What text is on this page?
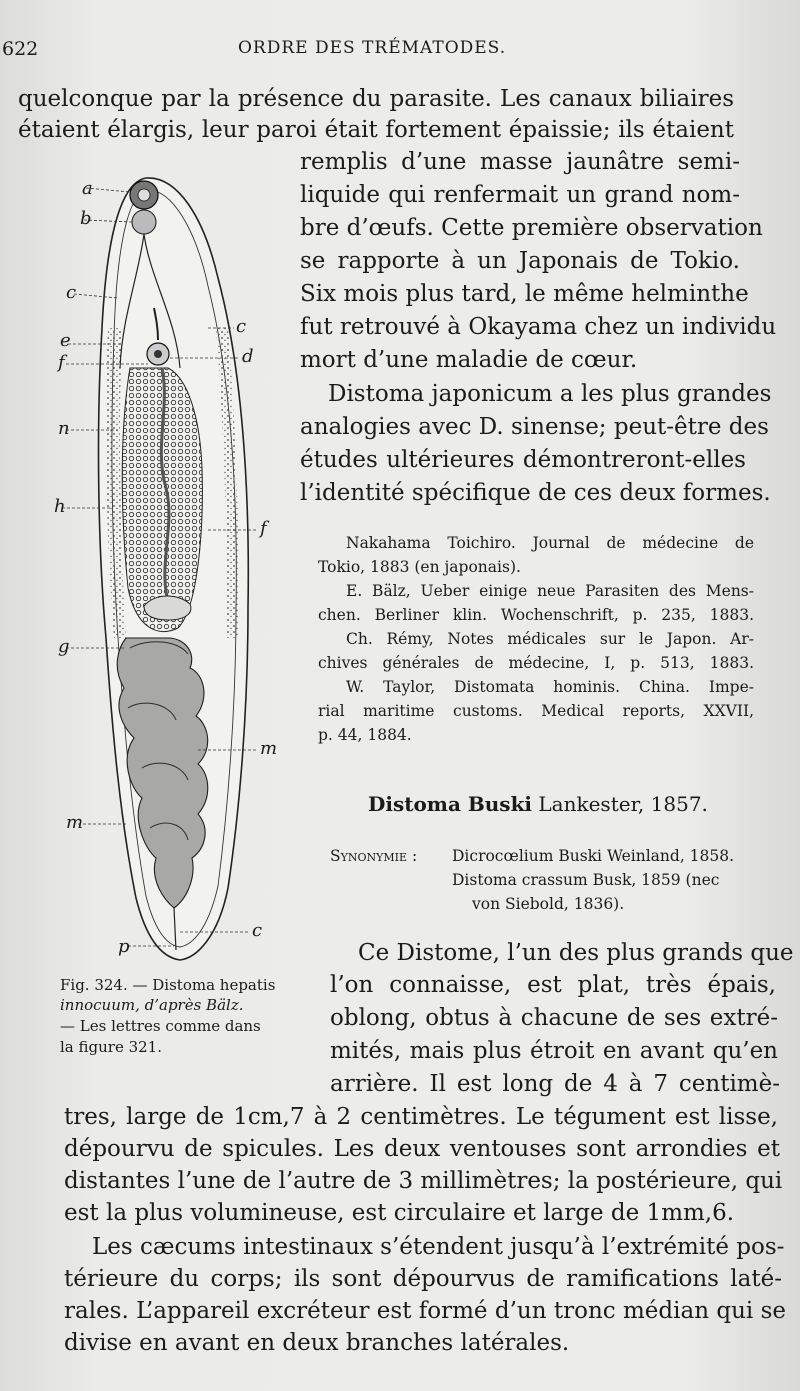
622	ORDRE DES TRÉMATODES.
quelconque par la présence du parasite. Les canaux biliaires
étaient élargis, leur paroi était fortement épaissie; ils étaient
remplis d’une masse jaunâtre semi-
liquide qui renfermait un grand nom-
bre d’œufs. Cette première observation
se rapporte à un Japonais de Tokio.
Six mois plus tard, le même helminthe
fut retrouvé à Okayama chez un individu
mort d’une maladie de cœur.
Distoma japonicum a les plus grandes
analogies avec D. sinense; peut-être des
études ultérieures démontreront-elles
l’identité spécifique de ces deux formes.
Nakahama Toichiro. Journal de médecine de
Tokio, 1883 (en japonais).
E. Bälz, Ueber einige neue Parasiten des Mens-
chen. Berliner klin. Wochenschrift, p. 235, 1883.
Ch. Rémy, Notes médicales sur le Japon. Ar-
chives générales de médecine, I, p. 513, 1883.
W. Taylor, Distomata hominis. China. Impe-
rial maritime customs. Medical reports, XXVII,
p. 44, 1884.
Distoma Buski Lankester, 1857.
Synonymie : Dicrocœlium Buski Weinland, 1858.
Distoma crassum Busk, 1859 (nec
von Siebold, 1836).
Ce Distome, l’un des plus grands que
l’on connaisse, est plat, très épais,
oblong, obtus à chacune de ses extré-
mités, mais plus étroit en avant qu’en
arrière. Il est long de 4 à 7 centimè-
tres, large de 1cm,7 à 2 centimètres. Le tégument est lisse,
dépourvu de spicules. Les deux ventouses sont arrondies et
distantes l’une de l’autre de 3 millimètres; la postérieure, qui
est la plus volumineuse, est circulaire et large de 1mm,6.
Les cæcums intestinaux s’étendent jusqu’à l’extrémité pos-
térieure du corps; ils sont dépourvus de ramifications laté-
rales. L’appareil excréteur est formé d’un tronc médian qui se
divise en avant en deux branches latérales.
Fig. 324. — Distoma hepatis
innocuum, d’après Bälz.
— Les lettres comme dans
la figure 321.
a
b
c
e
f
n
h
g
m
p
c
d
f
m
c
